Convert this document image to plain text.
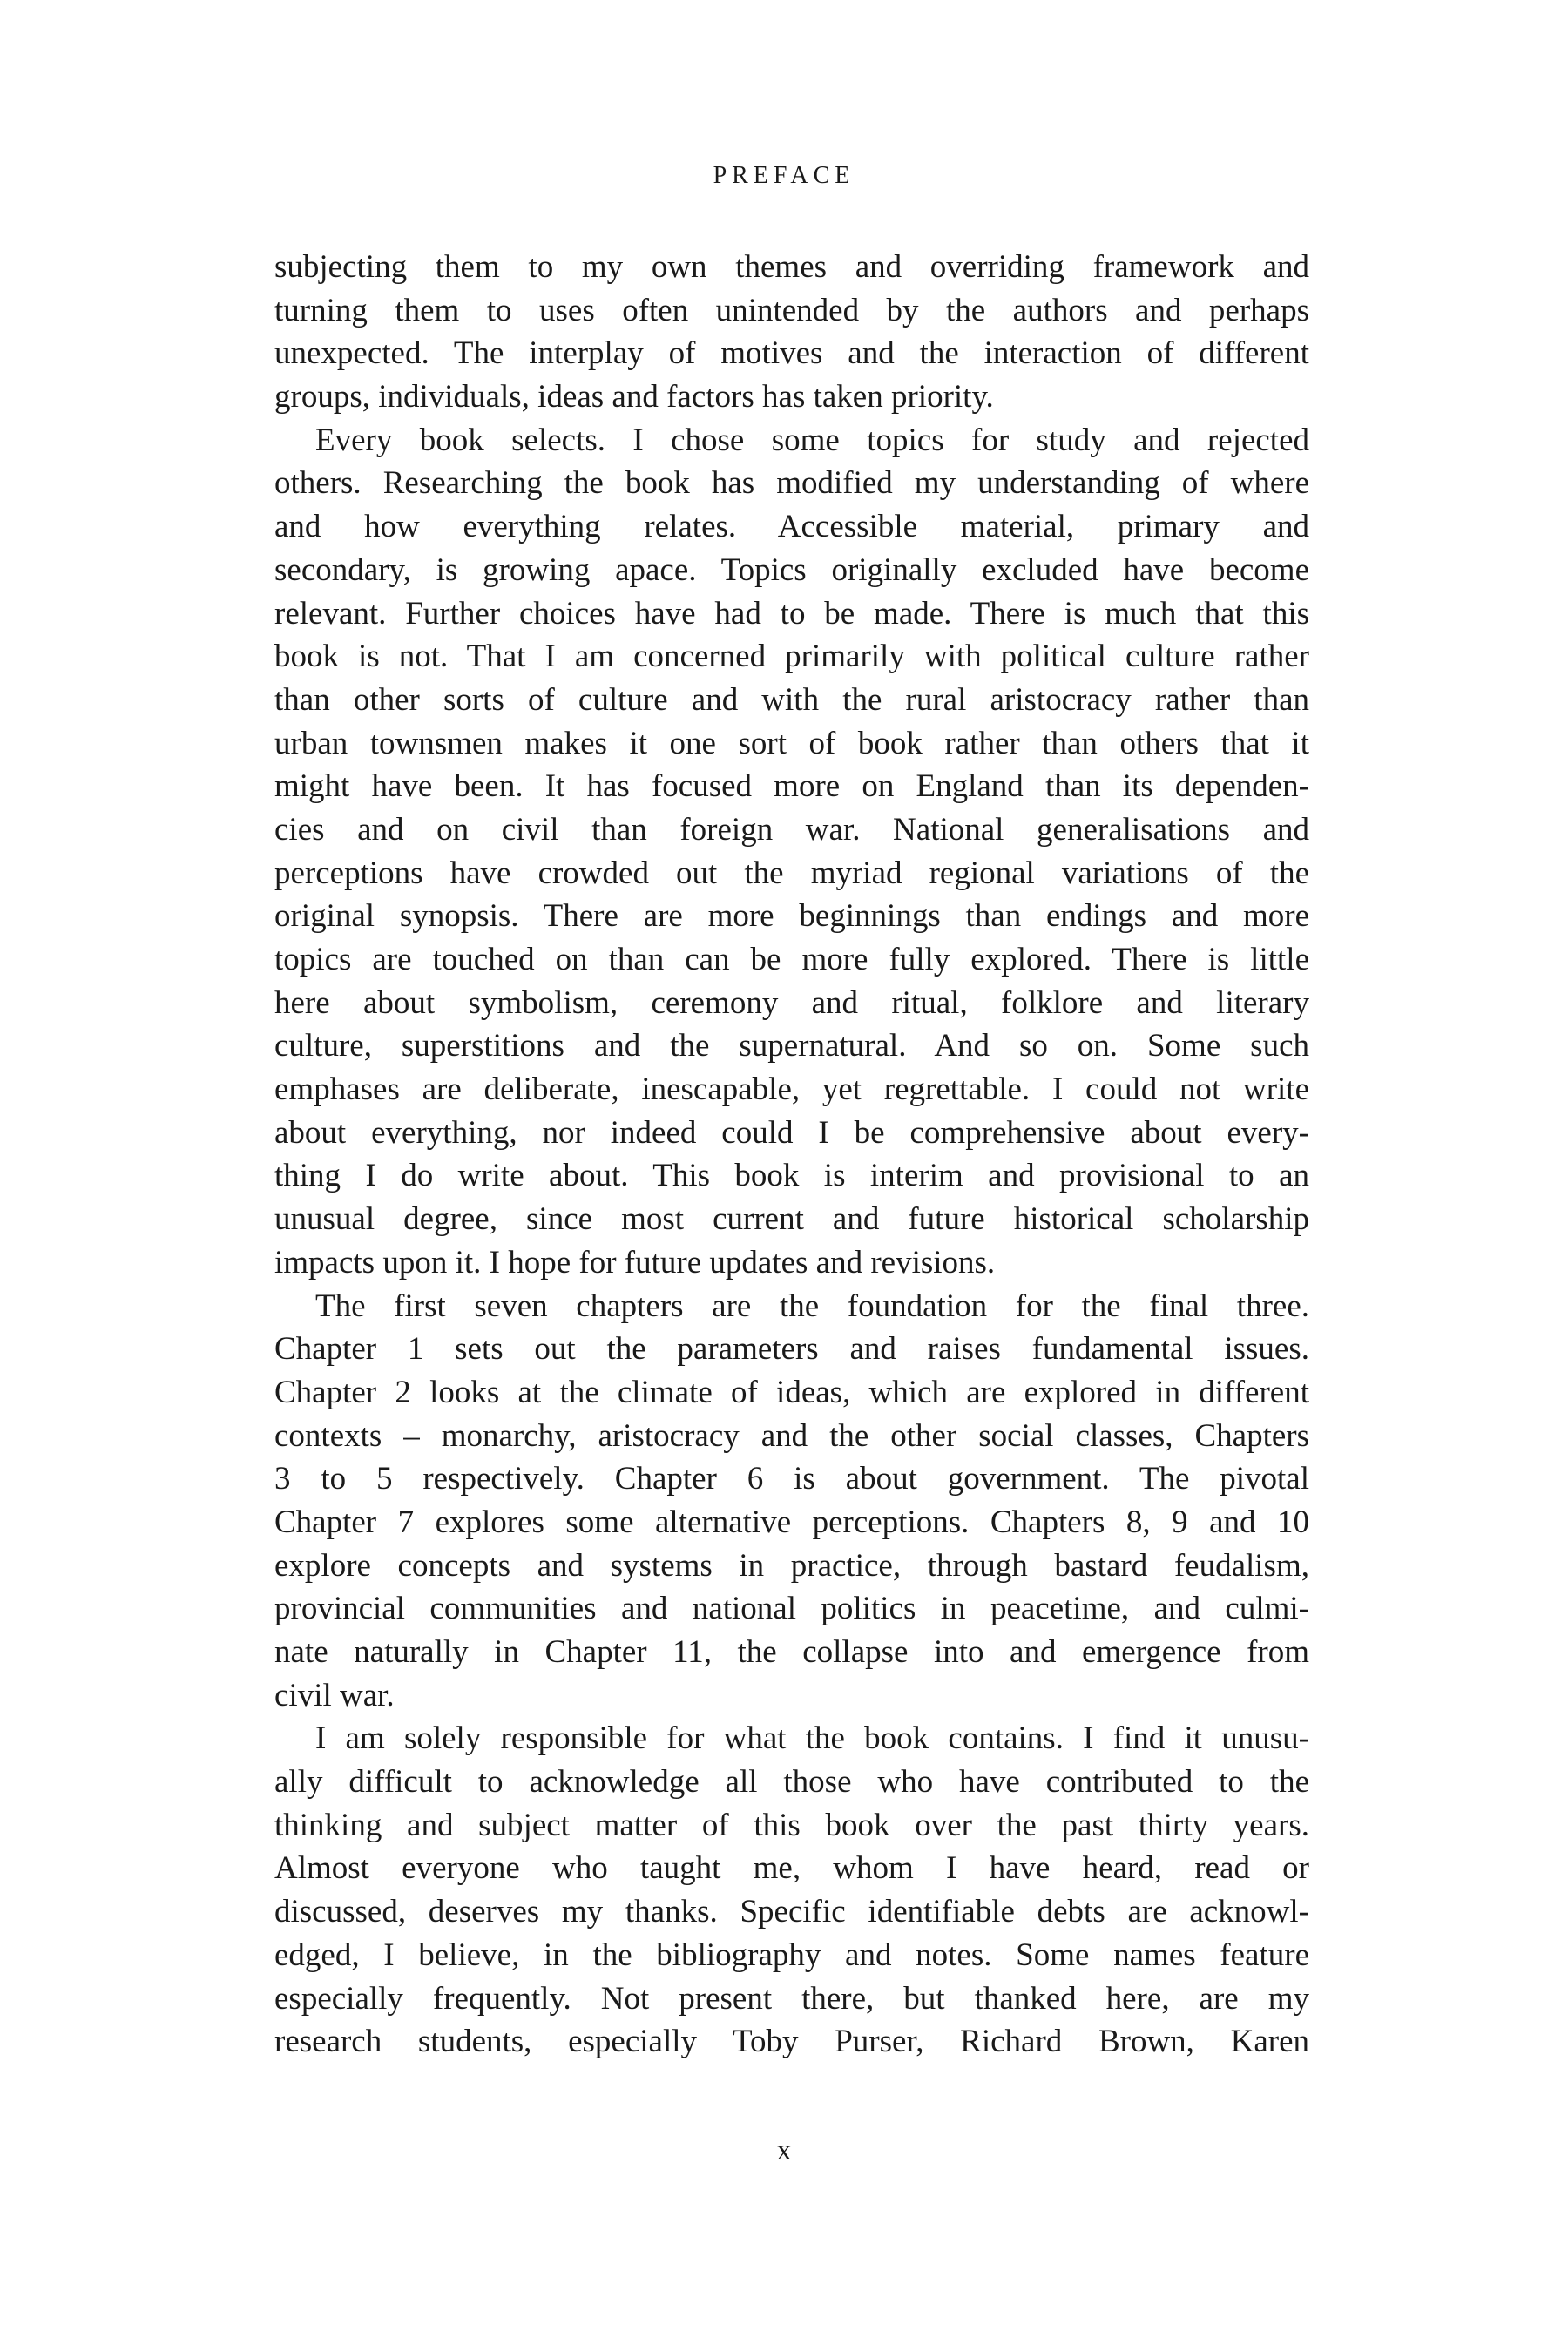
PREFACE
subjecting them to my own themes and overriding framework and
turning them to uses often unintended by the authors and perhaps
unexpected. The interplay of motives and the interaction of different
groups, individuals, ideas and factors has taken priority.
Every book selects. I chose some topics for study and rejected
others. Researching the book has modified my understanding of where
and how everything relates. Accessible material, primary and
secondary, is growing apace. Topics originally excluded have become
relevant. Further choices have had to be made. There is much that this
book is not. That I am concerned primarily with political culture rather
than other sorts of culture and with the rural aristocracy rather than
urban townsmen makes it one sort of book rather than others that it
might have been. It has focused more on England than its dependen-
cies and on civil than foreign war. National generalisations and
perceptions have crowded out the myriad regional variations of the
original synopsis. There are more beginnings than endings and more
topics are touched on than can be more fully explored. There is little
here about symbolism, ceremony and ritual, folklore and literary
culture, superstitions and the supernatural. And so on. Some such
emphases are deliberate, inescapable, yet regrettable. I could not write
about everything, nor indeed could I be comprehensive about every-
thing I do write about. This book is interim and provisional to an
unusual degree, since most current and future historical scholarship
impacts upon it. I hope for future updates and revisions.
The first seven chapters are the foundation for the final three.
Chapter 1 sets out the parameters and raises fundamental issues.
Chapter 2 looks at the climate of ideas, which are explored in different
contexts – monarchy, aristocracy and the other social classes, Chapters
3 to 5 respectively. Chapter 6 is about government. The pivotal
Chapter 7 explores some alternative perceptions. Chapters 8, 9 and 10
explore concepts and systems in practice, through bastard feudalism,
provincial communities and national politics in peacetime, and culmi-
nate naturally in Chapter 11, the collapse into and emergence from
civil war.
I am solely responsible for what the book contains. I find it unusu-
ally difficult to acknowledge all those who have contributed to the
thinking and subject matter of this book over the past thirty years.
Almost everyone who taught me, whom I have heard, read or
discussed, deserves my thanks. Specific identifiable debts are acknowl-
edged, I believe, in the bibliography and notes. Some names feature
especially frequently. Not present there, but thanked here, are my
research students, especially Toby Purser, Richard Brown, Karen
x
